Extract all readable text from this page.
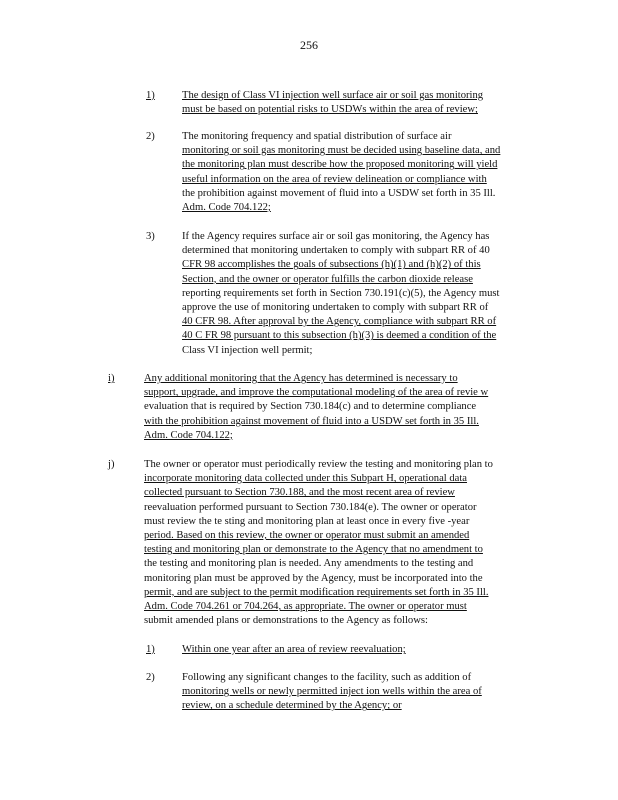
256
1)	The design of Class VI injection well surface air or soil gas monitoring
must be based on potential risks to USDWs within the area of review;
2)	The monitoring frequency and spatial distribution of surface air
monitoring or soil gas monitoring must be decided using baseline data, and
the monitoring plan must describe how the proposed monitoring will yield
useful information on the area of review delineation or compliance with
the prohibition against movement of fluid into a USDW set forth in 35 Ill.
Adm. Code 704.122;
3)	If the Agency requires surface air or soil gas monitoring, the Agency has
determined that monitoring undertaken to comply with subpart RR of 40
CFR 98 accomplishes the goals of subsections (h)(1) and (h)(2) of this
Section, and the owner or operator fulfills the carbon dioxide release
reporting requirements set forth in Section 730.191(c)(5), the Agency must
approve the use of monitoring undertaken to comply with subpart RR of
40 CFR 98. After approval by the Agency, compliance with subpart RR of
40 C FR 98 pursuant to this subsection (h)(3) is deemed a condition of the
Class VI injection well permit;
i)	Any additional monitoring that the Agency has determined is necessary to
support, upgrade, and improve the computational modeling of the area of revie w
evaluation that is required by Section 730.184(c) and to determine compliance
with the prohibition against movement of fluid into a USDW set forth in 35 Ill.
Adm. Code 704.122;
j)	The owner or operator must periodically review the testing and monitoring plan to
incorporate monitoring data collected under this Subpart H, operational data
collected pursuant to Section 730.188, and the most recent area of review
reevaluation performed pursuant to Section 730.184(e). The owner or operator
must review the te sting and monitoring plan at least once in every five -year
period. Based on this review, the owner or operator must submit an amended
testing and monitoring plan or demonstrate to the Agency that no amendment to
the testing and monitoring plan is needed. Any amendments to the testing and
monitoring plan must be approved by the Agency, must be incorporated into the
permit, and are subject to the permit modification requirements set forth in 35 Ill.
Adm. Code 704.261 or 704.264, as appropriate. The owner or operator must
submit amended plans or demonstrations to the Agency as follows:
1)	Within one year after an area of review reevaluation;
2)	Following any significant changes to the facility, such as addition of
monitoring wells or newly permitted inject ion wells within the area of
review, on a schedule determined by the Agency; or
